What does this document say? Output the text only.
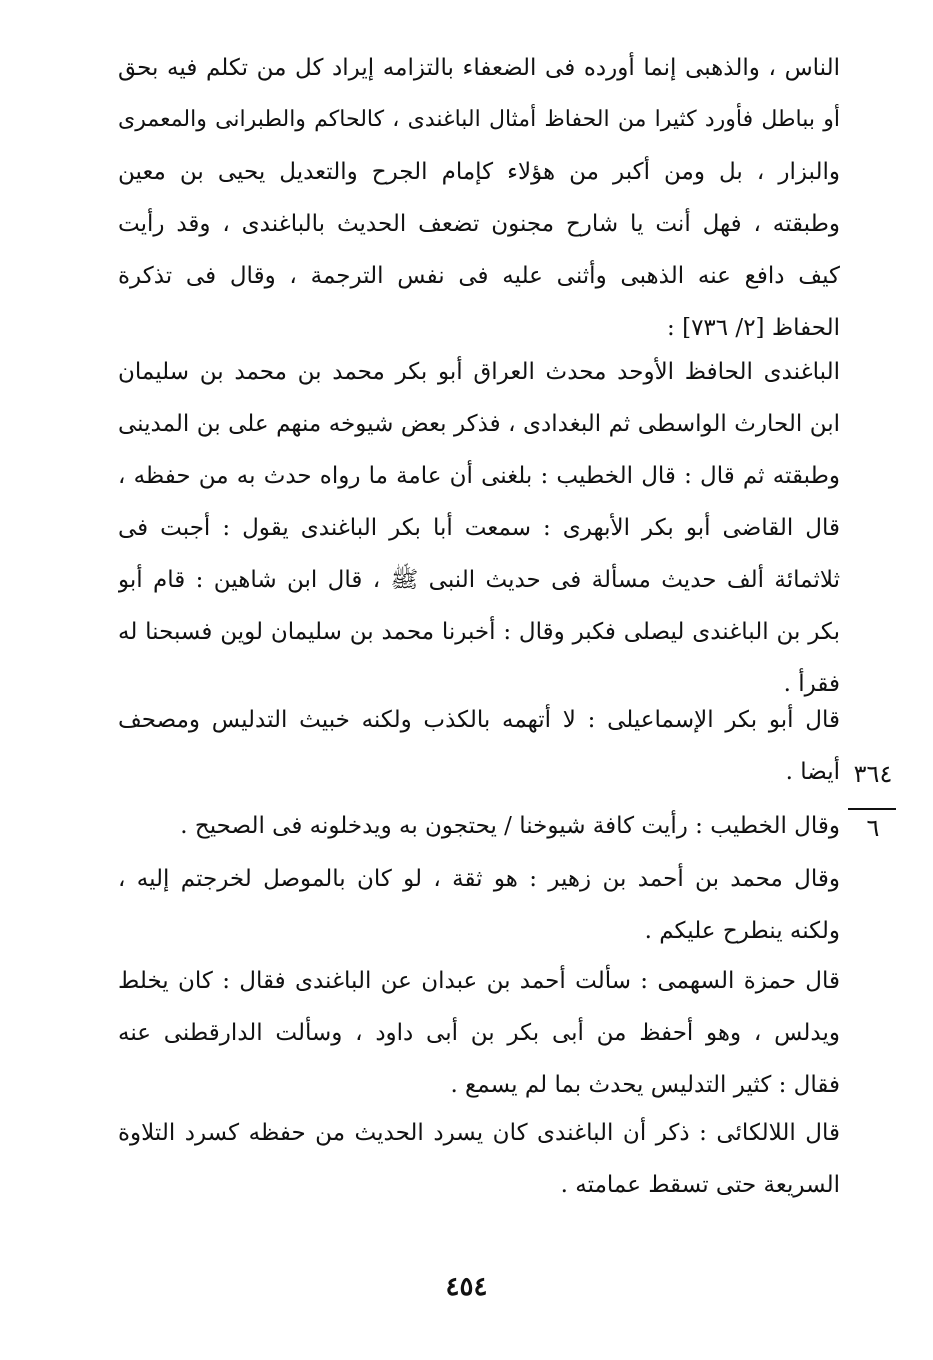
الناس ، والذهبى إنما أورده فى الضعفاء بالتزامه إيراد كل من تكلم فيه بحق
أو بباطل فأورد كثيرا من الحفاظ أمثال الباغندى ، كالحاكم والطبرانى والمعمرى
والبزار ، بل ومن أكبر من هؤلاء كإمام الجرح والتعديل يحيى بن معين
وطبقته ، فهل أنت يا شارح مجنون تضعف الحديث بالباغندى ، وقد رأيت
كيف دافع عنه الذهبى وأثنى عليه فى نفس الترجمة ، وقال فى تذكرة
الحفاظ [٢/ ٧٣٦] :
الباغندى الحافظ الأوحد محدث العراق أبو بكر محمد بن محمد بن سليمان
ابن الحارث الواسطى ثم البغدادى ، فذكر بعض شيوخه منهم على بن المدينى
وطبقته ثم قال : قال الخطيب : بلغنى أن عامة ما رواه حدث به من حفظه ،
قال القاضى أبو بكر الأبهرى : سمعت أبا بكر الباغندى يقول : أجبت فى
ثلاثمائة ألف حديث مسألة فى حديث النبى ﷺ ، قال ابن شاهين : قام أبو
بكر بن الباغندى ليصلى فكبر وقال : أخبرنا محمد بن سليمان لوين فسبحنا له
فقرأ .
قال أبو بكر الإسماعيلى : لا أتهمه بالكذب ولكنه خبيث التدليس ومصحف
أيضا .
وقال الخطيب : رأيت كافة شيوخنا / يحتجون به ويدخلونه فى الصحيح .
وقال محمد بن أحمد بن زهير : هو ثقة ، لو كان بالموصل لخرجتم إليه ،
ولكنه ينطرح عليكم .
قال حمزة السهمى : سألت أحمد بن عبدان عن الباغندى فقال : كان يخلط
ويدلس ، وهو أحفظ من أبى بكر بن أبى داود ، وسألت الدارقطنى عنه
فقال : كثير التدليس يحدث بما لم يسمع .
قال اللالكائى : ذكر أن الباغندى كان يسرد الحديث من حفظه كسرد التلاوة
السريعة حتى تسقط عمامته .
٣٦٤
٦
٤٥٤
